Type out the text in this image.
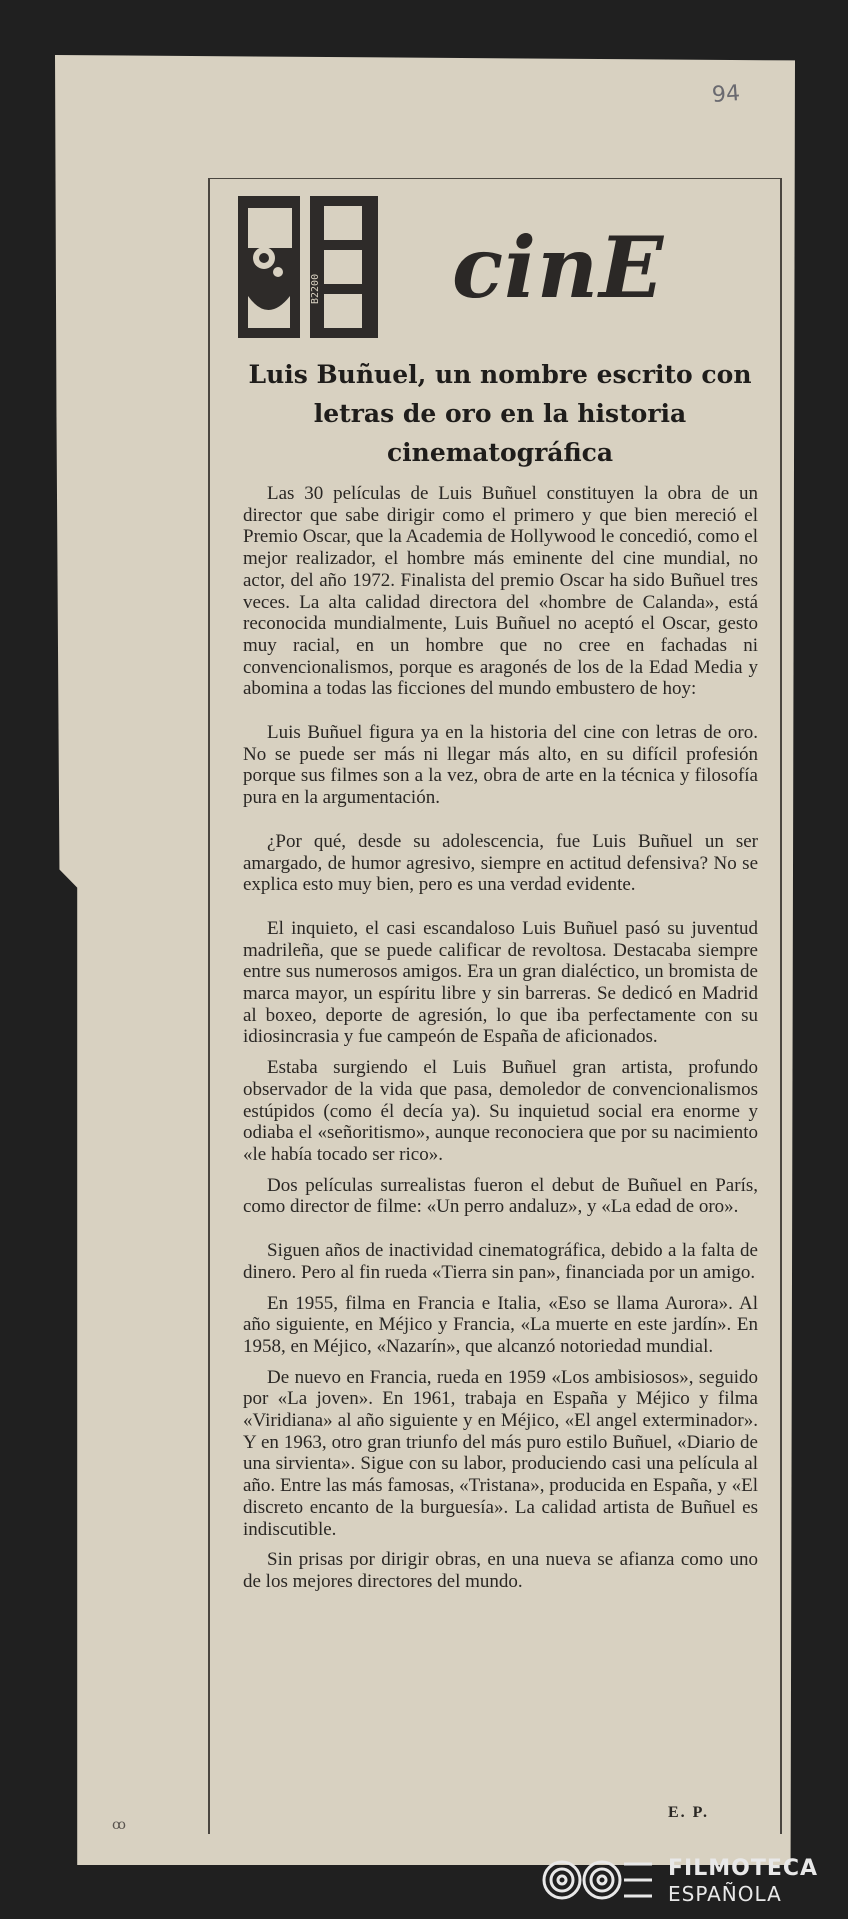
94
B2200 cinE
Luis Buñuel, un nombre escrito con letras de oro en la historia cinematográfica

Las 30 películas de Luis Buñuel constituyen la obra de un director que sabe dirigir como el primero y que bien mereció el Premio Oscar, que la Academia de Hollywood le concedió, como el mejor realizador, el hombre más eminente del cine mundial, no actor, del año 1972. Finalista del premio Oscar ha sido Buñuel tres veces. La alta calidad directora del «hombre de Calanda», está reconocida mundialmente, Luis Buñuel no aceptó el Oscar, gesto muy racial, en un hombre que no cree en fachadas ni convencionalismos, porque es aragonés de los de la Edad Media y abomina a todas las ficciones del mundo embustero de hoy:

Luis Buñuel figura ya en la historia del cine con letras de oro. No se puede ser más ni llegar más alto, en su difícil profesión porque sus filmes son a la vez, obra de arte en la técnica y filosofía pura en la argumentación.

¿Por qué, desde su adolescencia, fue Luis Buñuel un ser amargado, de humor agresivo, siempre en actitud defensiva? No se explica esto muy bien, pero es una verdad evidente.

El inquieto, el casi escandaloso Luis Buñuel pasó su juventud madrileña, que se puede calificar de revoltosa. Destacaba siempre entre sus numerosos amigos. Era un gran dialéctico, un bromista de marca mayor, un espíritu libre y sin barreras. Se dedicó en Madrid al boxeo, deporte de agresión, lo que iba perfectamente con su idiosincrasia y fue campeón de España de aficionados.

Estaba surgiendo el Luis Buñuel gran artista, profundo observador de la vida que pasa, demoledor de convencionalismos estúpidos (como él decía ya). Su inquietud social era enorme y odiaba el «señoritismo», aunque reconociera que por su nacimiento «le había tocado ser rico».

Dos películas surrealistas fueron el debut de Buñuel en París, como director de filme: «Un perro andaluz», y «La edad de oro».

Siguen años de inactividad cinematográfica, debido a la falta de dinero. Pero al fin rueda «Tierra sin pan», financiada por un amigo.

En 1955, filma en Francia e Italia, «Eso se llama Aurora». Al año siguiente, en Méjico y Francia, «La muerte en este jardín». En 1958, en Méjico, «Nazarín», que alcanzó notoriedad mundial.

De nuevo en Francia, rueda en 1959 «Los ambisiosos», seguido por «La joven». En 1961, trabaja en España y Méjico y filma «Viridiana» al año siguiente y en Méjico, «El angel exterminador». Y en 1963, otro gran triunfo del más puro estilo Buñuel, «Diario de una sirvienta». Sigue con su labor, produciendo casi una película al año. Entre las más famosas, «Tristana», producida en España, y «El discreto encanto de la burguesía». La calidad artista de Buñuel es indiscutible.

Sin prisas por dirigir obras, en una nueva se afianza como uno de los mejores directores del mundo.

E. P.
ꝏ
FILMOTECA
ESPAÑOLA
